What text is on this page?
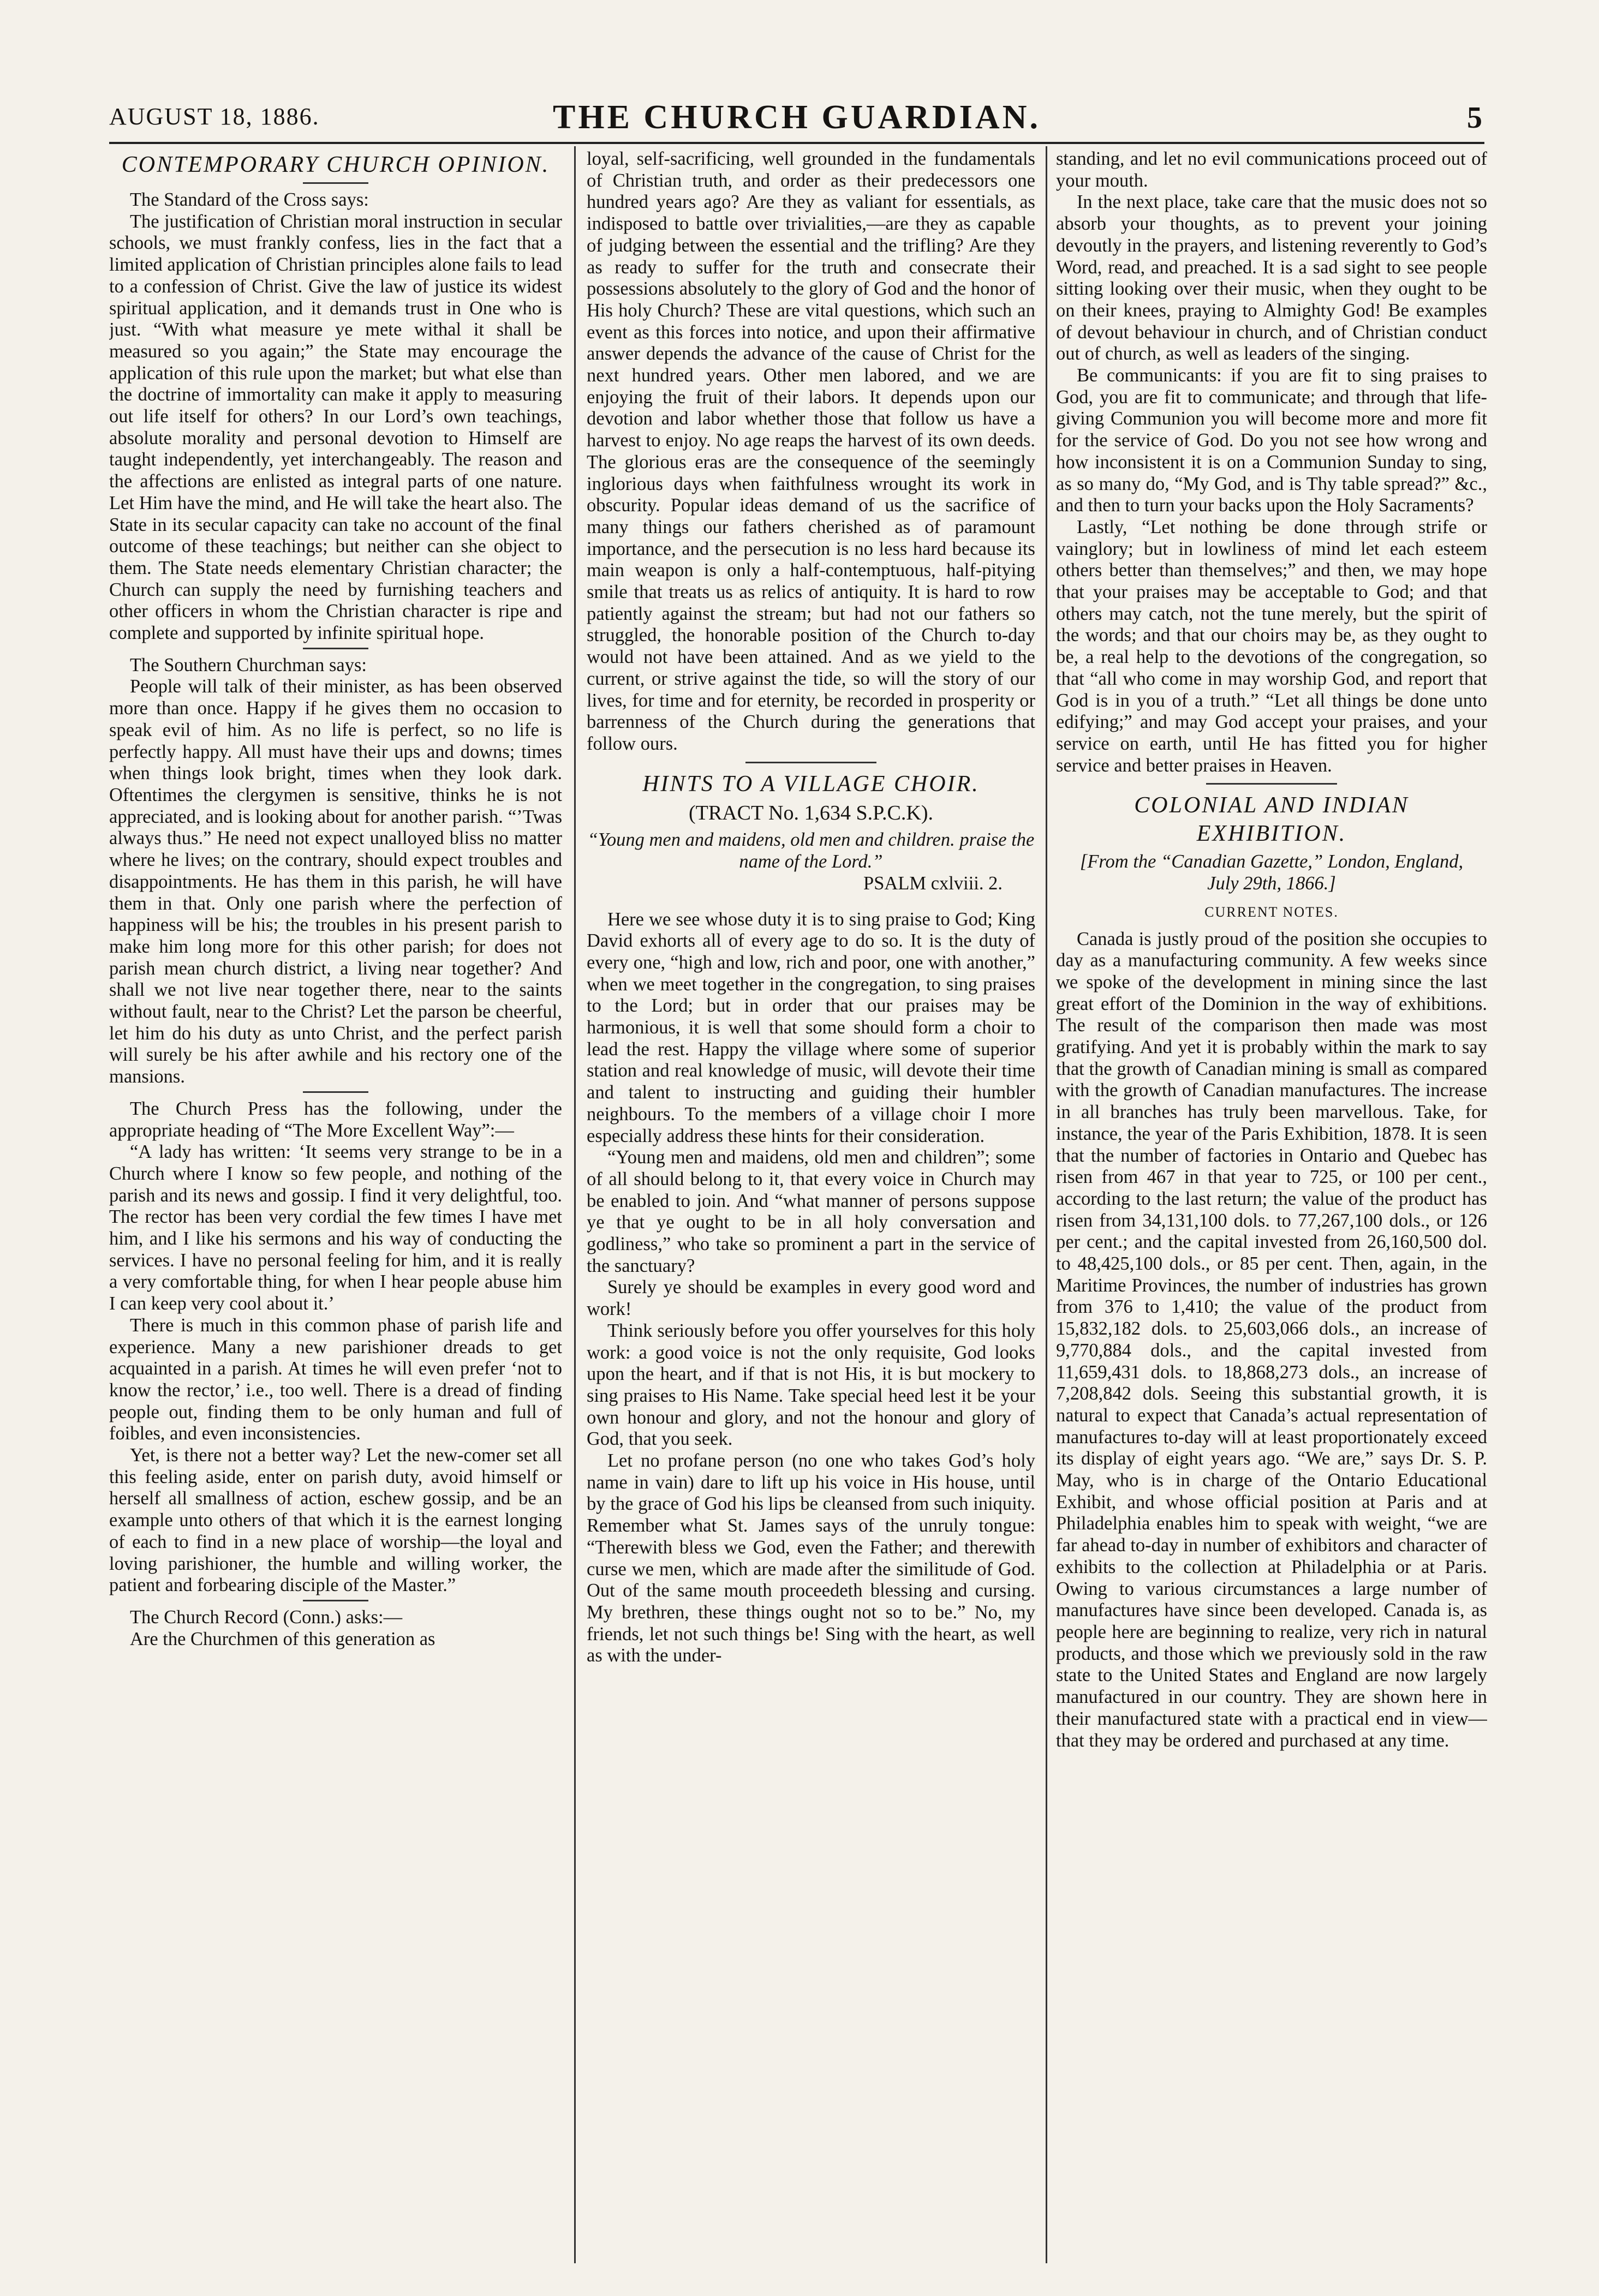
AUGUST 18, 1886.	THE CHURCH GUARDIAN.	5
CONTEMPORARY CHURCH OPINION.

The Standard of the Cross says:

The justification of Christian moral instruction in secular schools, we must frankly confess, lies in the fact that a limited application of Christian principles alone fails to lead to a confession of Christ. Give the law of justice its widest spiritual application, and it demands trust in One who is just. “With what measure ye mete withal it shall be measured so you again;” the State may encourage the application of this rule upon the market; but what else than the doctrine of immortality can make it apply to measuring out life itself for others? In our Lord’s own teachings, absolute morality and personal devotion to Himself are taught independently, yet interchangeably. The reason and the affections are enlisted as integral parts of one nature. Let Him have the mind, and He will take the heart also. The State in its secular capacity can take no account of the final outcome of these teachings; but neither can she object to them. The State needs elementary Christian character; the Church can supply the need by furnishing teachers and other officers in whom the Christian character is ripe and complete and supported by infinite spiritual hope.

The Southern Churchman says:

People will talk of their minister, as has been observed more than once. Happy if he gives them no occasion to speak evil of him. As no life is perfect, so no life is perfectly happy. All must have their ups and downs; times when things look bright, times when they look dark. Oftentimes the clergymen is sensitive, thinks he is not appreciated, and is looking about for another parish. “’Twas always thus.” He need not expect unalloyed bliss no matter where he lives; on the contrary, should expect troubles and disappointments. He has them in this parish, he will have them in that. Only one parish where the perfection of happiness will be his; the troubles in his present parish to make him long more for this other parish; for does not parish mean church district, a living near together? And shall we not live near together there, near to the saints without fault, near to the Christ? Let the parson be cheerful, let him do his duty as unto Christ, and the perfect parish will surely be his after awhile and his rectory one of the mansions.

The Church Press has the following, under the appropriate heading of “The More Excellent Way”:—

“A lady has written: ‘It seems very strange to be in a Church where I know so few people, and nothing of the parish and its news and gossip. I find it very delightful, too. The rector has been very cordial the few times I have met him, and I like his sermons and his way of conducting the services. I have no personal feeling for him, and it is really a very comfortable thing, for when I hear people abuse him I can keep very cool about it.’

There is much in this common phase of parish life and experience. Many a new parishioner dreads to get acquainted in a parish. At times he will even prefer ‘not to know the rector,’ i.e., too well. There is a dread of finding people out, finding them to be only human and full of foibles, and even inconsistencies.

Yet, is there not a better way? Let the new-comer set all this feeling aside, enter on parish duty, avoid himself or herself all smallness of action, eschew gossip, and be an example unto others of that which it is the earnest longing of each to find in a new place of worship—the loyal and loving parishioner, the humble and willing worker, the patient and forbearing disciple of the Master.”

The Church Record (Conn.) asks:—

Are the Churchmen of this generation as

loyal, self-sacrificing, well grounded in the fundamentals of Christian truth, and order as their predecessors one hundred years ago? Are they as valiant for essentials, as indisposed to battle over trivialities,—are they as capable of judging between the essential and the trifling? Are they as ready to suffer for the truth and consecrate their possessions absolutely to the glory of God and the honor of His holy Church? These are vital questions, which such an event as this forces into notice, and upon their affirmative answer depends the advance of the cause of Christ for the next hundred years. Other men labored, and we are enjoying the fruit of their labors. It depends upon our devotion and labor whether those that follow us have a harvest to enjoy. No age reaps the harvest of its own deeds. The glorious eras are the consequence of the seemingly inglorious days when faithfulness wrought its work in obscurity. Popular ideas demand of us the sacrifice of many things our fathers cherished as of paramount importance, and the persecution is no less hard because its main weapon is only a half-contemptuous, half-pitying smile that treats us as relics of antiquity. It is hard to row patiently against the stream; but had not our fathers so struggled, the honorable position of the Church to-day would not have been attained. And as we yield to the current, or strive against the tide, so will the story of our lives, for time and for eternity, be recorded in prosperity or barrenness of the Church during the generations that follow ours.

HINTS TO A VILLAGE CHOIR.

(TRACT No. 1,634 S.P.C.K).

“Young men and maidens, old men and children. praise the name of the Lord.”

PSALM cxlviii. 2.

Here we see whose duty it is to sing praise to God; King David exhorts all of every age to do so. It is the duty of every one, “high and low, rich and poor, one with another,” when we meet together in the congregation, to sing praises to the Lord; but in order that our praises may be harmonious, it is well that some should form a choir to lead the rest. Happy the village where some of superior station and real knowledge of music, will devote their time and talent to instructing and guiding their humbler neighbours. To the members of a village choir I more especially address these hints for their consideration.

“Young men and maidens, old men and children”; some of all should belong to it, that every voice in Church may be enabled to join. And “what manner of persons suppose ye that ye ought to be in all holy conversation and godliness,” who take so prominent a part in the service of the sanctuary?

Surely ye should be examples in every good word and work!

Think seriously before you offer yourselves for this holy work: a good voice is not the only requisite, God looks upon the heart, and if that is not His, it is but mockery to sing praises to His Name. Take special heed lest it be your own honour and glory, and not the honour and glory of God, that you seek.

Let no profane person (no one who takes God’s holy name in vain) dare to lift up his voice in His house, until by the grace of God his lips be cleansed from such iniquity. Remember what St. James says of the unruly tongue: “Therewith bless we God, even the Father; and therewith curse we men, which are made after the similitude of God. Out of the same mouth proceedeth blessing and cursing. My brethren, these things ought not so to be.” No, my friends, let not such things be! Sing with the heart, as well as with the under-

standing, and let no evil communications proceed out of your mouth.

In the next place, take care that the music does not so absorb your thoughts, as to prevent your joining devoutly in the prayers, and listening reverently to God’s Word, read, and preached. It is a sad sight to see people sitting looking over their music, when they ought to be on their knees, praying to Almighty God! Be examples of devout behaviour in church, and of Christian conduct out of church, as well as leaders of the singing.

Be communicants: if you are fit to sing praises to God, you are fit to communicate; and through that life-giving Communion you will become more and more fit for the service of God. Do you not see how wrong and how inconsistent it is on a Communion Sunday to sing, as so many do, “My God, and is Thy table spread?” &c., and then to turn your backs upon the Holy Sacraments?

Lastly, “Let nothing be done through strife or vainglory; but in lowliness of mind let each esteem others better than themselves;” and then, we may hope that your praises may be acceptable to God; and that others may catch, not the tune merely, but the spirit of the words; and that our choirs may be, as they ought to be, a real help to the devotions of the congregation, so that “all who come in may worship God, and report that God is in you of a truth.” “Let all things be done unto edifying;” and may God accept your praises, and your service on earth, until He has fitted you for higher service and better praises in Heaven.

COLONIAL AND INDIAN EXHIBITION.

[From the “Canadian Gazette,” London, England, July 29th, 1866.]

CURRENT NOTES.

Canada is justly proud of the position she occupies to day as a manufacturing community. A few weeks since we spoke of the development in mining since the last great effort of the Dominion in the way of exhibitions. The result of the comparison then made was most gratifying. And yet it is probably within the mark to say that the growth of Canadian mining is small as compared with the growth of Canadian manufactures. The increase in all branches has truly been marvellous. Take, for instance, the year of the Paris Exhibition, 1878. It is seen that the number of factories in Ontario and Quebec has risen from 467 in that year to 725, or 100 per cent., according to the last return; the value of the product has risen from 34,131,100 dols. to 77,267,100 dols., or 126 per cent.; and the capital invested from 26,160,500 dol. to 48,425,100 dols., or 85 per cent. Then, again, in the Maritime Provinces, the number of industries has grown from 376 to 1,410; the value of the product from 15,832,182 dols. to 25,603,066 dols., an increase of 9,770,884 dols., and the capital invested from 11,659,431 dols. to 18,868,273 dols., an increase of 7,208,842 dols. Seeing this substantial growth, it is natural to expect that Canada’s actual representation of manufactures to-day will at least proportionately exceed its display of eight years ago. “We are,” says Dr. S. P. May, who is in charge of the Ontario Educational Exhibit, and whose official position at Paris and at Philadelphia enables him to speak with weight, “we are far ahead to-day in number of exhibitors and character of exhibits to the collection at Philadelphia or at Paris. Owing to various circumstances a large number of manufactures have since been developed. Canada is, as people here are beginning to realize, very rich in natural products, and those which we previously sold in the raw state to the United States and England are now largely manufactured in our country. They are shown here in their manufactured state with a practical end in view—that they may be ordered and purchased at any time.
